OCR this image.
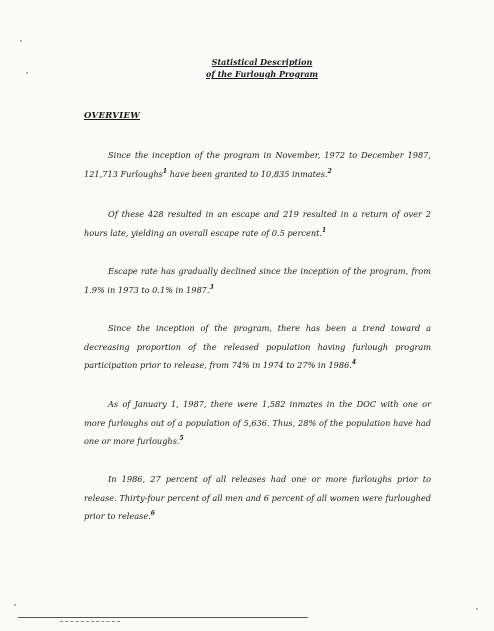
Statistical Description
of the Furlough Program
OVERVIEW
Since the inception of the program in November, 1972 to December 1987, 121,713 Furloughs$^1$ have been granted to 10,835 inmates.$^2$
Of these 428 resulted in an escape and 219 resulted in a return of over 2 hours late, yielding an overall escape rate of 0.5 percent.$^1$
Escape rate has gradually declined since the inception of the program, from 1.9% in 1973 to 0.1% in 1987.$^3$
Since the inception of the program, there has been a trend toward a decreasing proportion of the released population having furlough program participation prior to release, from 74% in 1974 to 27% in 1986.$^4$
As of January 1, 1987, there were 1,582 inmates in the DOC with one or more furloughs out of a population of 5,636. Thus, 28% of the population have had one or more furloughs.$^5$
In 1986, 27 percent of all releases had one or more furloughs prior to release. Thirty-four percent of all men and 6 percent of all women were furloughed prior to release.$^6$
